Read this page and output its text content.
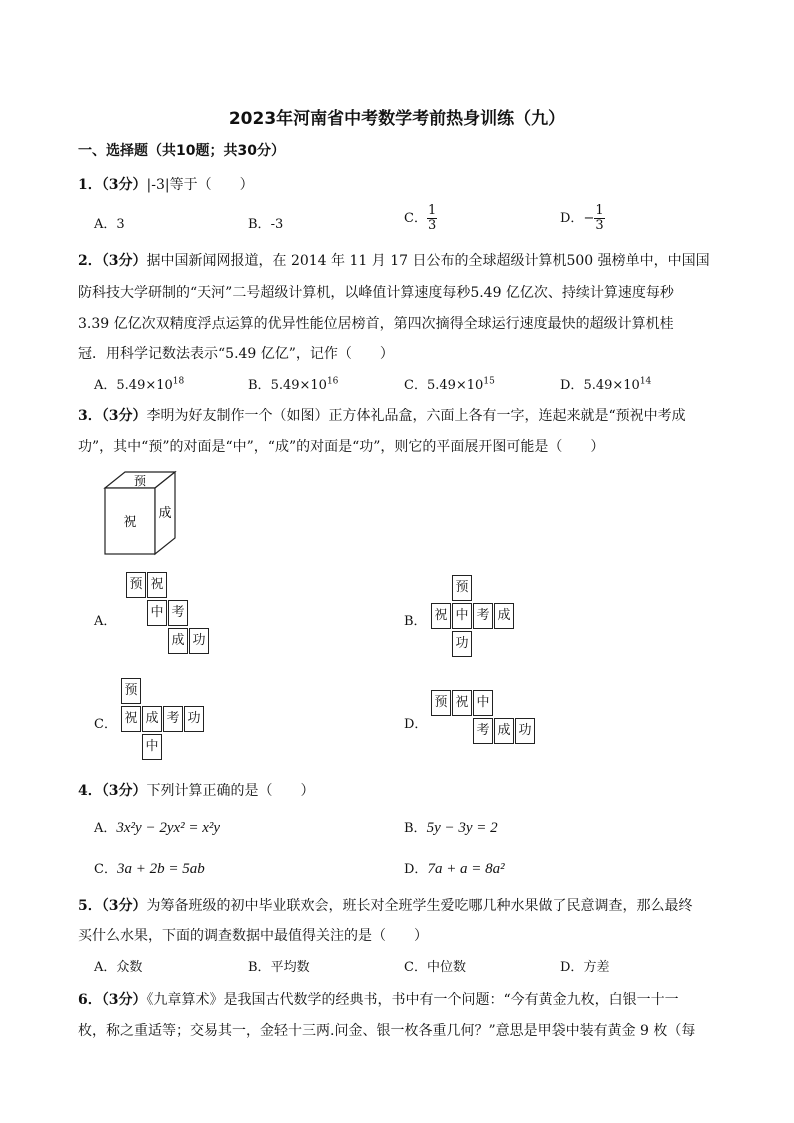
2023年河南省中考数学考前热身训练（九）
一、选择题（共10题；共30分）
1．（3分）|-3|等于（　　）
A．3	B．-3	C． $\frac{1}{3}$	D．− $\frac{1}{3}$
2．（3分）据中国新闻网报道，在 2014 年 11 月 17 日公布的全球超级计算机500 强榜单中，中国国
防科技大学研制的“天河”二号超级计算机，以峰值计算速度每秒5.49 亿亿次、持续计算速度每秒
3.39 亿亿次双精度浮点运算的优异性能位居榜首，第四次摘得全球运行速度最快的超级计算机桂
冠．用科学记数法表示“5.49 亿亿”，记作（　　）
A．$5.49\times 10^{18}$	B．$5.49\times 10^{16}$	C．$5.49\times 10^{15}$	D．$5.49\times 10^{14}$
3．（3分）李明为好友制作一个（如图）正方体礼品盒，六面上各有一字，连起来就是“预祝中考成
功”，其中“预”的对面是“中”，“成”的对面是“功”，则它的平面展开图可能是（　　）
预
祝
成
A．
预 祝
中 考
成 功
B．
预
祝 中 考 成
功
C．
预
祝 成 考 功
中
D．
预 祝 中
考 成 功
4．（3分）下列计算正确的是（　　）
A．3x²y − 2yx² = x²y	B．5y − 3y = 2
C．3a + 2b = 5ab	D．7a + a = 8a²
5．（3分）为筹备班级的初中毕业联欢会，班长对全班学生爱吃哪几种水果做了民意调查，那么最终
买什么水果，下面的调查数据中最值得关注的是（　　）
A．众数	B．平均数	C．中位数	D．方差
6．（3分）《九章算术》是我国古代数学的经典书，书中有一个问题：“今有黄金九枚，白银一十一
枚，称之重适等；交易其一，金轻十三两.问金、银一枚各重几何？”意思是甲袋中装有黄金 9 枚（每
